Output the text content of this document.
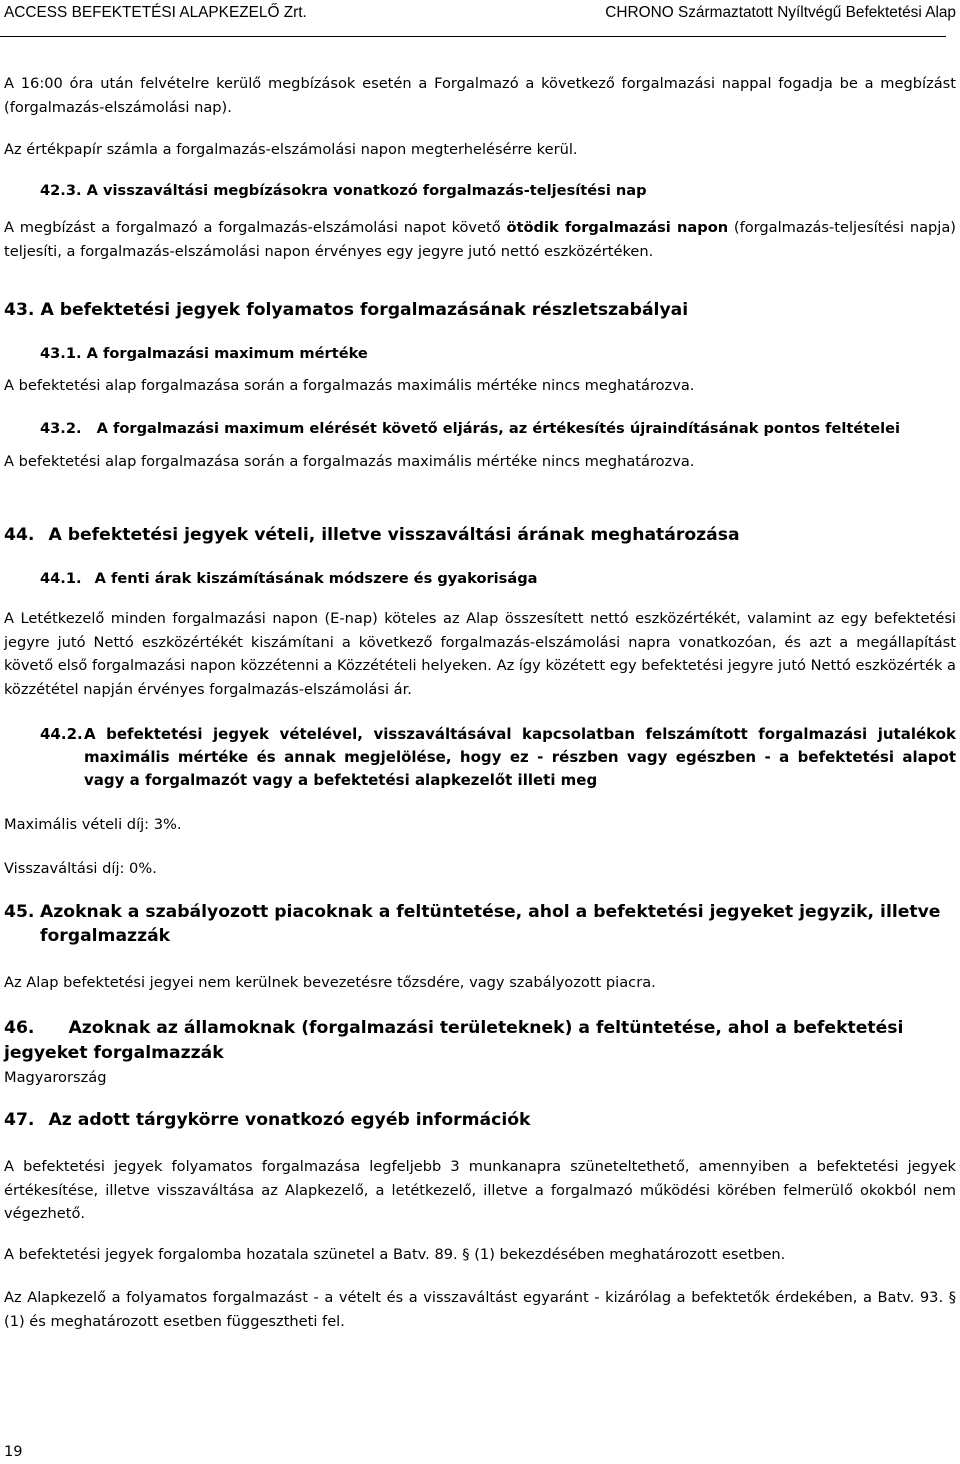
ACCESS BEFEKTETÉSI ALAPKEZELŐ Zrt.	CHRONO Származtatott Nyíltvégű Befektetési Alap

A 16:00 óra után felvételre kerülő megbízások esetén a Forgalmazó a következő forgalmazási nappal fogadja be a megbízást (forgalmazás-elszámolási nap).

Az értékpapír számla a forgalmazás-elszámolási napon megterhelésérre kerül.

42.3. A visszaváltási megbízásokra vonatkozó forgalmazás-teljesítési nap

A megbízást a forgalmazó a forgalmazás-elszámolási napot követő ötödik forgalmazási napon (forgalmazás-teljesítési napja) teljesíti, a forgalmazás-elszámolási napon érvényes egy jegyre jutó nettó eszközértéken.

43. A befektetési jegyek folyamatos forgalmazásának részletszabályai
43.1. A forgalmazási maximum mértéke

A befektetési alap forgalmazása során a forgalmazás maximális mértéke nincs meghatározva.

43.2. A forgalmazási maximum elérését követő eljárás, az értékesítés újraindításának pontos feltételei

A befektetési alap forgalmazása során a forgalmazás maximális mértéke nincs meghatározva.

44. A befektetési jegyek vételi, illetve visszaváltási árának meghatározása
44.1. A fenti árak kiszámításának módszere és gyakorisága

A Letétkezelő minden forgalmazási napon (E-nap) köteles az Alap összesített nettó eszközértékét, valamint az egy befektetési jegyre jutó Nettó eszközértékét kiszámítani a következő forgalmazás-elszámolási napra vonatkozóan, és azt a megállapítást követő első forgalmazási napon közzétenni a Közzétételi helyeken. Az így közétett egy befektetési jegyre jutó Nettó eszközérték a közzététel napján érvényes forgalmazás-elszámolási ár.

44.2. A befektetési jegyek vételével, visszaváltásával kapcsolatban felszámított forgalmazási jutalékok maximális mértéke és annak megjelölése, hogy ez - részben vagy egészben - a befektetési alapot vagy a forgalmazót vagy a befektetési alapkezelőt illeti meg

Maximális vételi díj: 3%.

Visszaváltási díj: 0%.

45. Azoknak a szabályozott piacoknak a feltüntetése, ahol a befektetési jegyeket jegyzik, illetve forgalmazzák

Az Alap befektetési jegyei nem kerülnek bevezetésre tőzsdére, vagy szabályozott piacra.

46. Azoknak az államoknak (forgalmazási területeknek) a feltüntetése, ahol a befektetési jegyeket forgalmazzák

Magyarország

47. Az adott tárgykörre vonatkozó egyéb információk

A befektetési jegyek folyamatos forgalmazása legfeljebb 3 munkanapra szüneteltethető, amennyiben a befektetési jegyek értékesítése, illetve visszaváltása az Alapkezelő, a letétkezelő, illetve a forgalmazó működési körében felmerülő okokból nem végezhető.

A befektetési jegyek forgalomba hozatala szünetel a Batv. 89. § (1) bekezdésében meghatározott esetben.

Az Alapkezelő a folyamatos forgalmazást - a vételt és a visszaváltást egyaránt - kizárólag a befektetők érdekében, a Batv. 93. § (1) és meghatározott esetben függesztheti fel.

19
